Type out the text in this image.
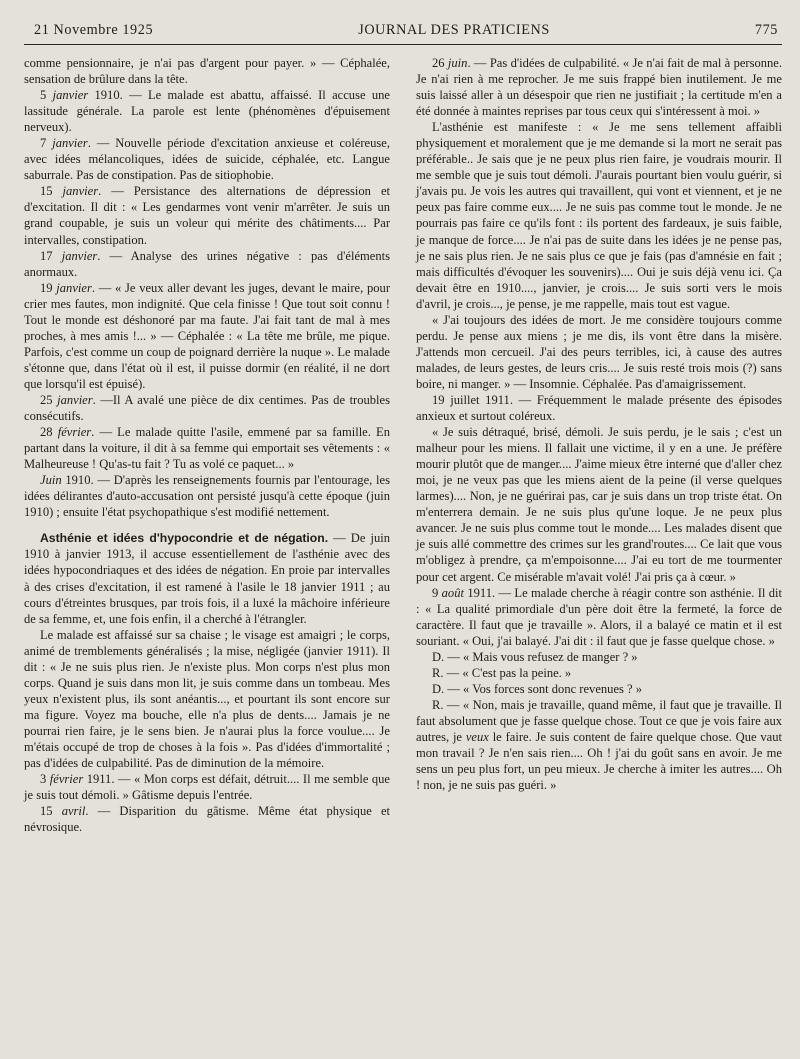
21 Novembre 1925	JOURNAL DES PRATICIENS	775

comme pensionnaire, je n'ai pas d'argent pour payer. » — Céphalée, sensation de brûlure dans la tête.

5 janvier 1910. — Le malade est abattu, affaissé. Il accuse une lassitude générale. La parole est lente (phénomènes d'épuisement nerveux).

7 janvier. — Nouvelle période d'excitation anxieuse et coléreuse, avec idées mélancoliques, idées de suicide, céphalée, etc. Langue saburrale. Pas de constipation. Pas de sitiophobie.

15 janvier. — Persistance des alternations de dépression et d'excitation. Il dit : « Les gendarmes vont venir m'arrêter. Je suis un grand coupable, je suis un voleur qui mérite des châtiments.... Par intervalles, constipation.

17 janvier. — Analyse des urines négative : pas d'éléments anormaux.

19 janvier. — « Je veux aller devant les juges, devant le maire, pour crier mes fautes, mon indignité. Que cela finisse ! Que tout soit connu ! Tout le monde est déshonoré par ma faute. J'ai fait tant de mal à mes proches, à mes amis !... » — Céphalée : « La tête me brûle, me pique. Parfois, c'est comme un coup de poignard derrière la nuque ». Le malade s'étonne que, dans l'état où il est, il puisse dormir (en réalité, il ne dort que lorsqu'il est épuisé).

25 janvier. —Il A avalé une pièce de dix centimes. Pas de troubles consécutifs.

28 février. — Le malade quitte l'asile, emmené par sa famille. En partant dans la voiture, il dit à sa femme qui emportait ses vêtements : « Malheureuse ! Qu'as-tu fait ? Tu as volé ce paquet... »

Juin 1910. — D'après les renseignements fournis par l'entourage, les idées délirantes d'auto-accusation ont persisté jusqu'à cette époque (juin 1910) ; ensuite l'état psychopathique s'est modifié nettement.

Asthénie et idées d'hypocondrie et de négation. — De juin 1910 à janvier 1913, il accuse essentiellement de l'asthénie avec des idées hypocondriaques et des idées de négation. En proie par intervalles à des crises d'excitation, il est ramené à l'asile le 18 janvier 1911 ; au cours d'étreintes brusques, par trois fois, il a luxé la mâchoire inférieure de sa femme, et, une fois enfin, il a cherché à l'étrangler.

Le malade est affaissé sur sa chaise ; le visage est amaigri ; le corps, animé de tremblements généralisés ; la mise, négligée (janvier 1911). Il dit : « Je ne suis plus rien. Je n'existe plus. Mon corps n'est plus mon corps. Quand je suis dans mon lit, je suis comme dans un tombeau. Mes yeux n'existent plus, ils sont anéantis..., et pourtant ils sont encore sur ma figure. Voyez ma bouche, elle n'a plus de dents.... Jamais je ne pourrai rien faire, je le sens bien. Je n'aurai plus la force voulue.... Je m'étais occupé de trop de choses à la fois ». Pas d'idées d'immortalité ; pas d'idées de culpabilité. Pas de diminution de la mémoire.

3 février 1911. — « Mon corps est défait, détruit.... Il me semble que je suis tout démoli. » Gâtisme depuis l'entrée.

15 avril. — Disparition du gâtisme. Même état physique et névrosique.

26 juin. — Pas d'idées de culpabilité. « Je n'ai fait de mal à personne. Je n'ai rien à me reprocher. Je me suis frappé bien inutilement. Je me suis laissé aller à un désespoir que rien ne justifiait ; la certitude m'en a été donnée à maintes reprises par tous ceux qui s'intéressent à moi. »

L'asthénie est manifeste : « Je me sens tellement affaibli physiquement et moralement que je me demande si la mort ne serait pas préférable.. Je sais que je ne peux plus rien faire, je voudrais mourir. Il me semble que je suis tout démoli. J'aurais pourtant bien voulu guérir, si j'avais pu. Je vois les autres qui travaillent, qui vont et viennent, et je ne peux pas faire comme eux.... Je ne suis pas comme tout le monde. Je ne pourrais pas faire ce qu'ils font : ils portent des fardeaux, je suis faible, je manque de force.... Je n'ai pas de suite dans les idées je ne pense pas, je ne sais plus rien. Je ne sais plus ce que je fais (pas d'amnésie en fait ; mais difficultés d'évoquer les souvenirs).... Oui je suis déjà venu ici. Ça devait être en 1910...., janvier, je crois.... Je suis sorti vers le mois d'avril, je crois..., je pense, je me rappelle, mais tout est vague.

« J'ai toujours des idées de mort. Je me considère toujours comme perdu. Je pense aux miens ; je me dis, ils vont être dans la misère. J'attends mon cercueil. J'ai des peurs terribles, ici, à cause des autres malades, de leurs gestes, de leurs cris.... Je suis resté trois mois (?) sans boire, ni manger. » — Insomnie. Céphalée. Pas d'amaigrissement.

19 juillet 1911. — Fréquemment le malade présente des épisodes anxieux et surtout coléreux.

« Je suis détraqué, brisé, démoli. Je suis perdu, je le sais ; c'est un malheur pour les miens. Il fallait une victime, il y en a une. Je préfère mourir plutôt que de manger.... J'aime mieux être interné que d'aller chez moi, je ne veux pas que les miens aient de la peine (il verse quelques larmes).... Non, je ne guérirai pas, car je suis dans un trop triste état. On m'enterrera demain. Je ne suis plus qu'une loque. Je ne peux plus avancer. Je ne suis plus comme tout le monde.... Les malades disent que je suis allé commettre des crimes sur les grand'routes.... Ce lait que vous m'obligez à prendre, ça m'empoisonne.... J'ai eu tort de me tourmenter pour cet argent. Ce misérable m'avait volé! J'ai pris ça à cœur. »

9 août 1911. — Le malade cherche à réagir contre son asthénie. Il dit : « La qualité primordiale d'un père doit être la fermeté, la force de caractère. Il faut que je travaille ». Alors, il a balayé ce matin et il est souriant. « Oui, j'ai balayé. J'ai dit : il faut que je fasse quelque chose. »

D. — « Mais vous refusez de manger ? »

R. — « C'est pas la peine. »

D. — « Vos forces sont donc revenues ? »

R. — « Non, mais je travaille, quand même, il faut que je travaille. Il faut absolument que je fasse quelque chose. Tout ce que je vois faire aux autres, je veux le faire. Je suis content de faire quelque chose. Que vaut mon travail ? Je n'en sais rien.... Oh ! j'ai du goût sans en avoir. Je me sens un peu plus fort, un peu mieux. Je cherche à imiter les autres.... Oh ! non, je ne suis pas guéri. »
